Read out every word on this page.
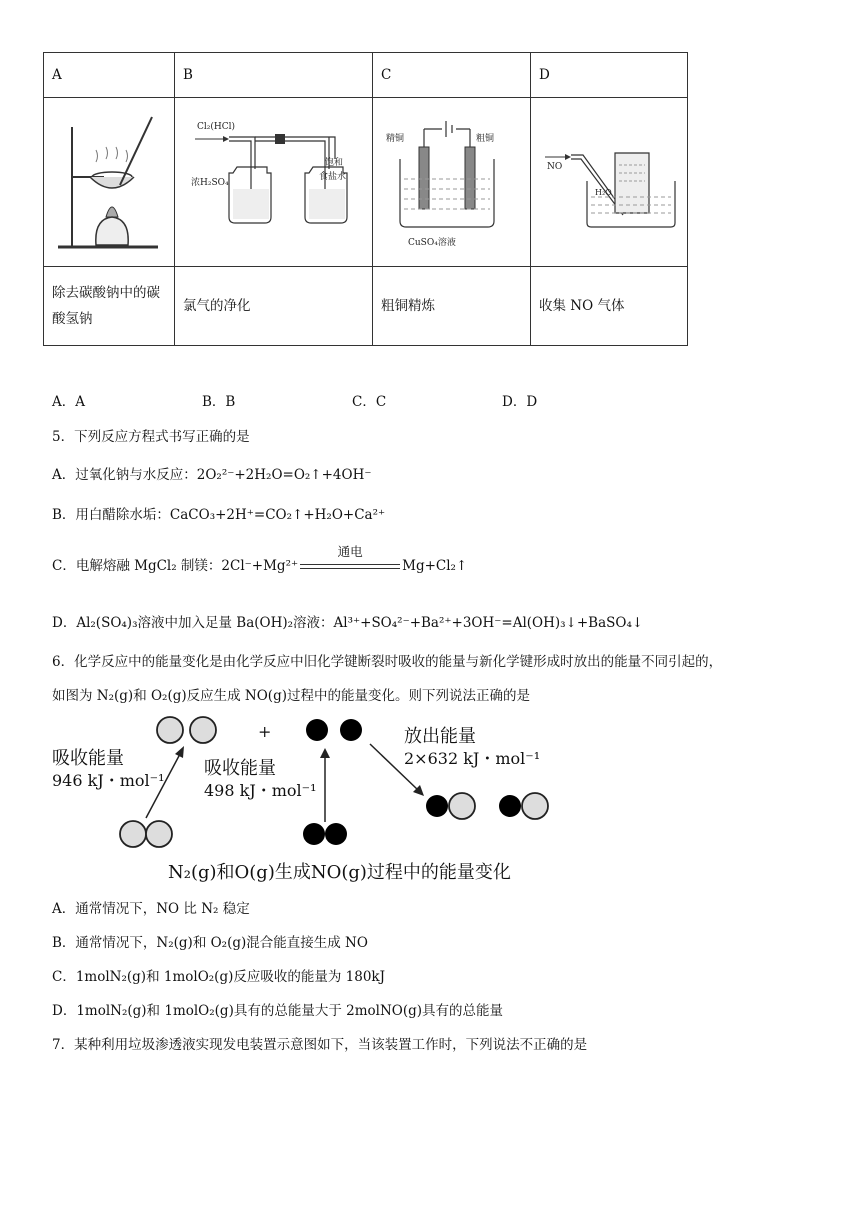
A	B	C	D

Cl₂(HCl)
浓H₂SO₄
饱和
食盐水	精铜 粗铜
CuSO₄溶液	NO
H₂O

除去碳酸钠中的碳酸氢钠	氯气的净化	粗铜精炼	收集 NO 气体
A．A	B．B	C．C	D．D
5．下列反应方程式书写正确的是
A．过氧化钠与水反应：2O₂²⁻+2H₂O=O₂↑+4OH⁻
B．用白醋除水垢：CaCO₃+2H⁺=CO₂↑+H₂O+Ca²⁺
C．电解熔融 MgCl₂ 制镁：2Cl⁻+Mg²⁺
通电
Mg+Cl₂↑
D．Al₂(SO₄)₃溶液中加入足量 Ba(OH)₂溶液：Al³⁺+SO₄²⁻+Ba²⁺+3OH⁻=Al(OH)₃↓+BaSO₄↓
6．化学反应中的能量变化是由化学反应中旧化学键断裂时吸收的能量与新化学键形成时放出的能量不同引起的，
如图为 N₂(g)和 O₂(g)反应生成 NO(g)过程中的能量变化。则下列说法正确的是
+
吸收能量
946 kJ・mol⁻¹
吸收能量
498 kJ・mol⁻¹
放出能量
2×632 kJ・mol⁻¹
N₂(g)和O(g)生成NO(g)过程中的能量变化
A．通常情况下，NO 比 N₂ 稳定
B．通常情况下，N₂(g)和 O₂(g)混合能直接生成 NO
C．1molN₂(g)和 1molO₂(g)反应吸收的能量为 180kJ
D．1molN₂(g)和 1molO₂(g)具有的总能量大于 2molNO(g)具有的总能量
7．某种利用垃圾渗透液实现发电装置示意图如下，当该装置工作时，下列说法不正确的是
